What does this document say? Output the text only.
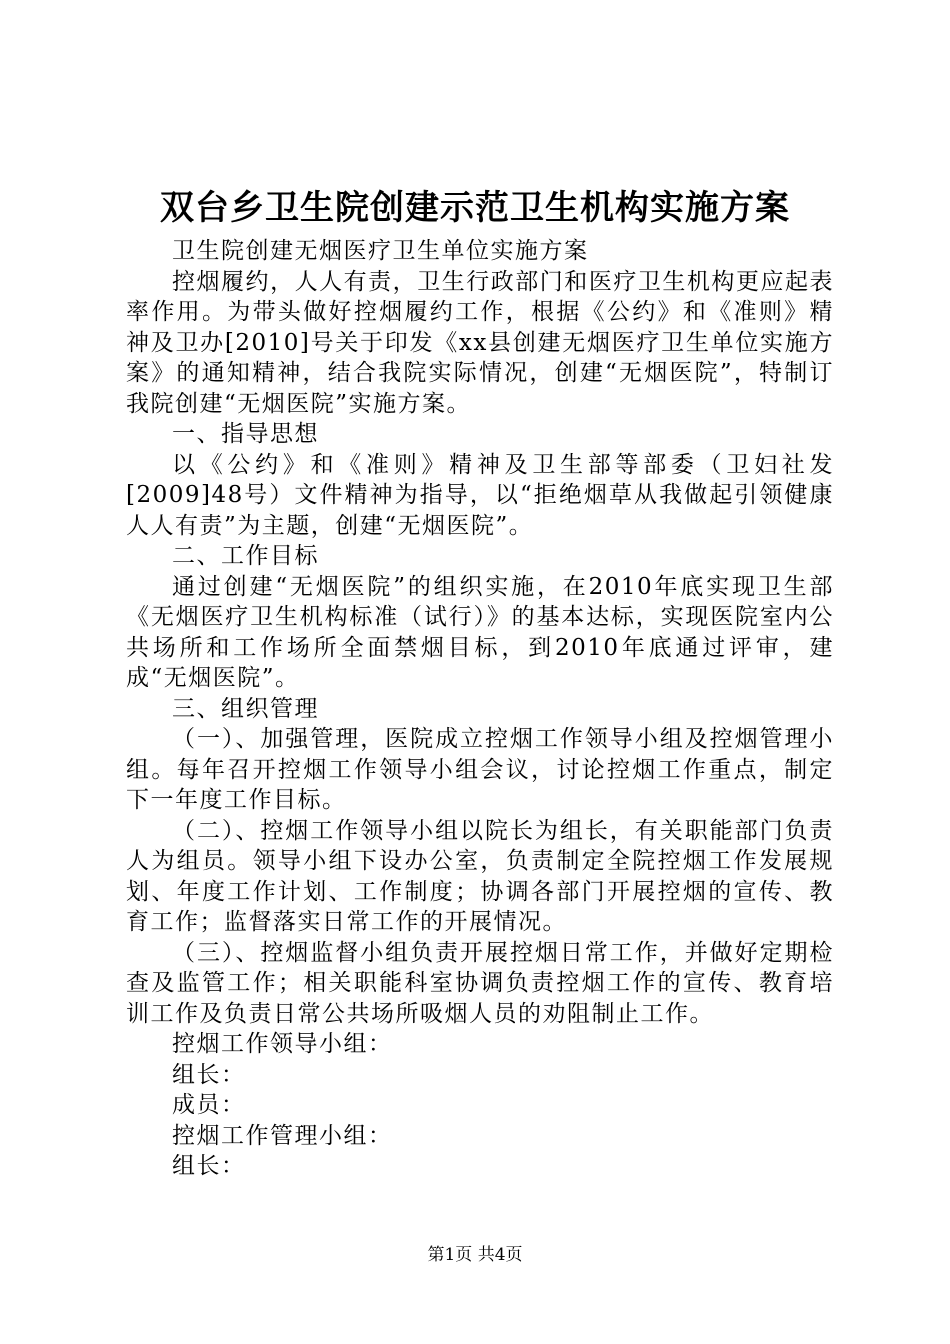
双台乡卫生院创建示范卫生机构实施方案

卫生院创建无烟医疗卫生单位实施方案

控烟履约，人人有责，卫生行政部门和医疗卫生机构更应起表率作用。为带头做好控烟履约工作，根据《公约》和《准则》精神及卫办[2010]号关于印发《xx县创建无烟医疗卫生单位实施方案》的通知精神，结合我院实际情况，创建“无烟医院”，特制订我院创建“无烟医院”实施方案。

一、指导思想

以《公约》和《准则》精神及卫生部等部委（卫妇社发[2009]48号）文件精神为指导，以“拒绝烟草从我做起引领健康人人有责”为主题，创建“无烟医院”。

二、工作目标

通过创建“无烟医院”的组织实施，在2010年底实现卫生部《无烟医疗卫生机构标准（试行）》的基本达标，实现医院室内公共场所和工作场所全面禁烟目标，到2010年底通过评审，建成“无烟医院”。

三、组织管理

（一）、加强管理，医院成立控烟工作领导小组及控烟管理小组。每年召开控烟工作领导小组会议，讨论控烟工作重点，制定下一年度工作目标。

（二）、控烟工作领导小组以院长为组长，有关职能部门负责人为组员。领导小组下设办公室，负责制定全院控烟工作发展规划、年度工作计划、工作制度；协调各部门开展控烟的宣传、教育工作；监督落实日常工作的开展情况。

（三）、控烟监督小组负责开展控烟日常工作，并做好定期检查及监管工作；相关职能科室协调负责控烟工作的宣传、教育培训工作及负责日常公共场所吸烟人员的劝阻制止工作。

控烟工作领导小组：

组长：

成员：

控烟工作管理小组：

组长：

第1页 共4页
